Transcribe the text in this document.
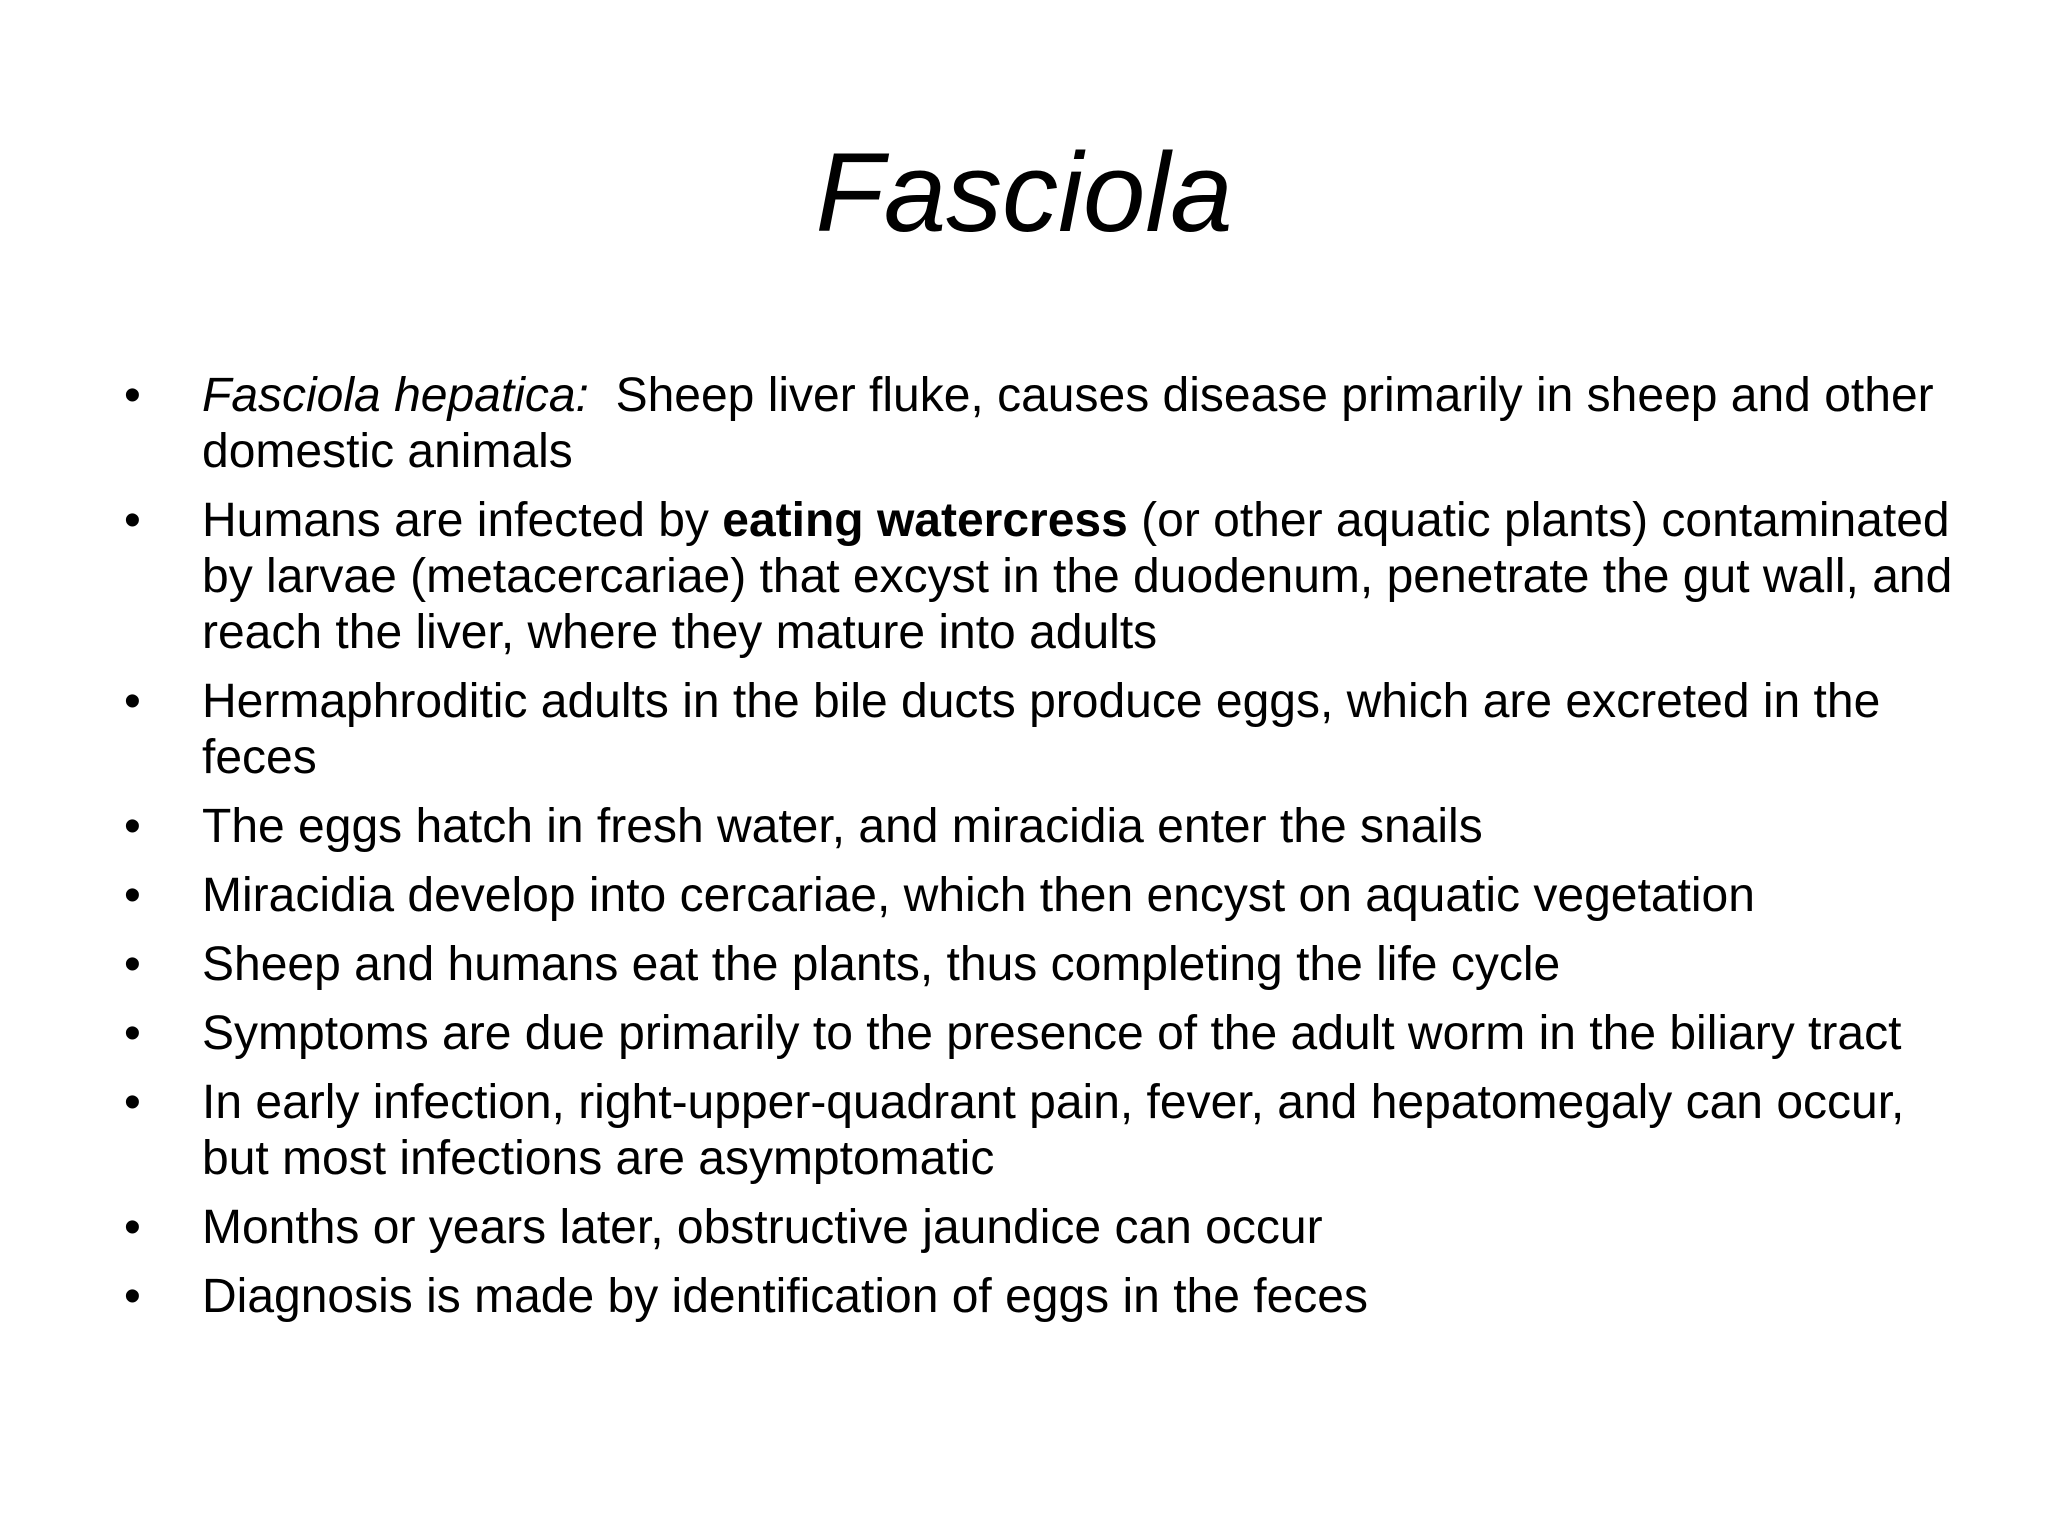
Fasciola
• Fasciola hepatica:  Sheep liver fluke, causes disease primarily in sheep and other domestic animals
• Humans are infected by eating watercress (or other aquatic plants) contaminated by larvae (metacercariae) that excyst in the duodenum, penetrate the gut wall, and reach the liver, where they mature into adults
• Hermaphroditic adults in the bile ducts produce eggs, which are excreted in the feces
• The eggs hatch in fresh water, and miracidia enter the snails
• Miracidia develop into cercariae, which then encyst on aquatic vegetation
• Sheep and humans eat the plants, thus completing the life cycle
• Symptoms are due primarily to the presence of the adult worm in the biliary tract
• In early infection, right-upper-quadrant pain, fever, and hepatomegaly can occur, but most infections are asymptomatic
• Months or years later, obstructive jaundice can occur
• Diagnosis is made by identification of eggs in the feces
